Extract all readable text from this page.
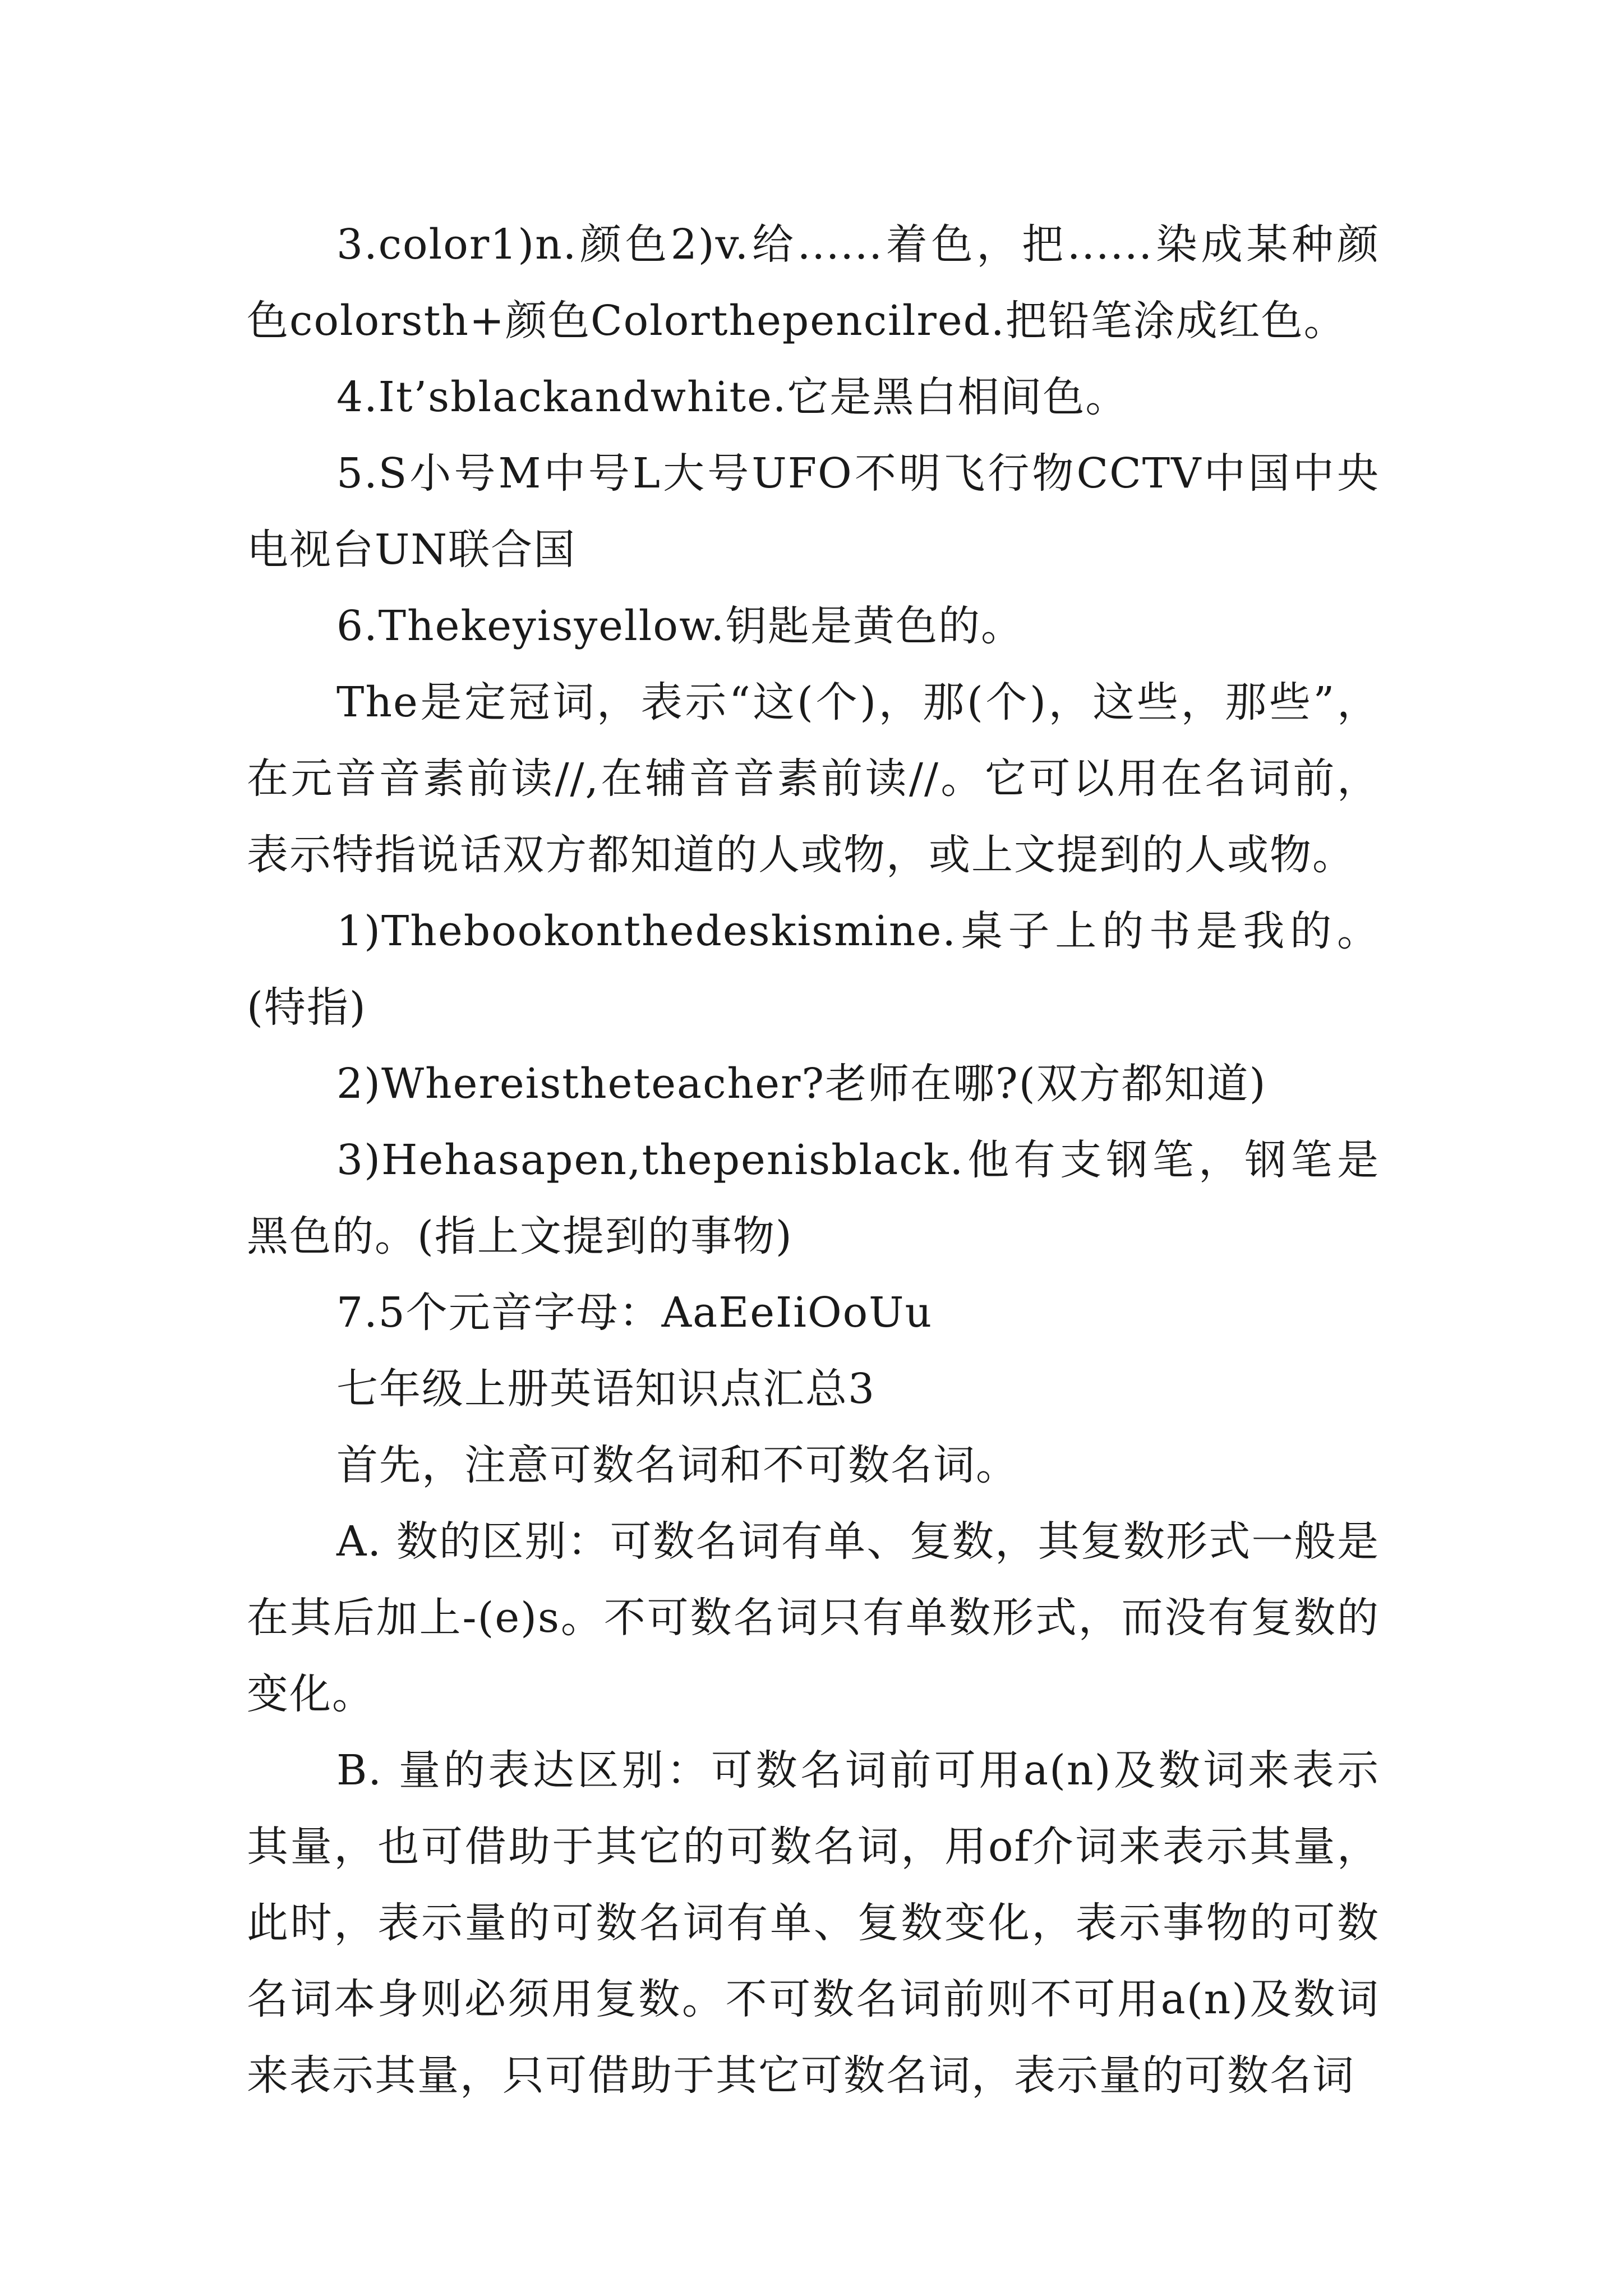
3.color1)n.颜色2)v.给......着色，把......染成某种颜色colorsth+颜色Colorthepencilred.把铅笔涂成红色。

4.It’sblackandwhite.它是黑白相间色。

5.S小号M中号L大号UFO不明飞行物CCTV中国中央电视台UN联合国

6.Thekeyisyellow.钥匙是黄色的。

The是定冠词，表示“这(个)，那(个)，这些，那些”，在元音音素前读//,在辅音音素前读//。它可以用在名词前，表示特指说话双方都知道的人或物，或上文提到的人或物。

1)Thebookonthedeskismine.桌子上的书是我的。(特指)

2)Whereistheteacher?老师在哪?(双方都知道)

3)Hehasapen,thepenisblack.他有支钢笔，钢笔是黑色的。(指上文提到的事物)

7.5个元音字母：AaEeIiOoUu

七年级上册英语知识点汇总3

首先，注意可数名词和不可数名词。

A. 数的区别：可数名词有单、复数，其复数形式一般是在其后加上-(e)s。不可数名词只有单数形式，而没有复数的变化。

B. 量的表达区别：可数名词前可用a(n)及数词来表示其量，也可借助于其它的可数名词，用of介词来表示其量，此时，表示量的可数名词有单、复数变化，表示事物的可数名词本身则必须用复数。不可数名词前则不可用a(n)及数词来表示其量，只可借助于其它可数名词，表示量的可数名词
